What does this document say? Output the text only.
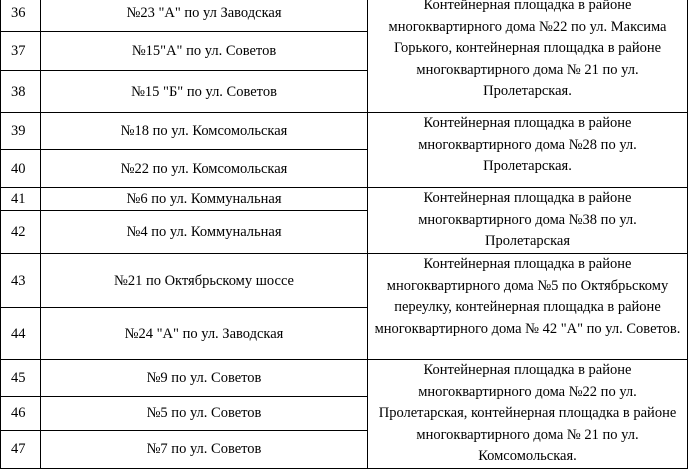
36	№23 "А" по ул Заводская	Контейнерная площадка в районе многоквартирного дома №22 по ул. Максима Горького, контейнерная площадка в районе многоквартирного дома № 21 по ул. Пролетарская.

37	№15"А" по ул. Советов	
38	№15 "Б" по ул. Советов	
39	№18 по ул. Комсомольская	Контейнерная площадка в районе многоквартирного дома №28 по ул. Пролетарская.

40	№22 по ул. Комсомольская	
41	№6 по ул. Коммунальная	Контейнерная площадка в районе многоквартирного дома №38 по ул. Пролетарская

42	№4 по ул. Коммунальная	
43	№21 по Октябрьскому шоссе	Контейнерная площадка в районе многоквартирного дома №5 по Октябрьскому переулку, контейнерная площадка в районе многоквартирного дома № 42 "А" по ул. Советов.

44	№24 "А" по ул. Заводская	
45	№9 по ул. Советов	Контейнерная площадка в районе многоквартирного дома №22 по ул. Пролетарская, контейнерная площадка в районе многоквартирного дома № 21 по ул. Комсомольская.

46	№5 по ул. Советов	
47	№7 по ул. Советов	
